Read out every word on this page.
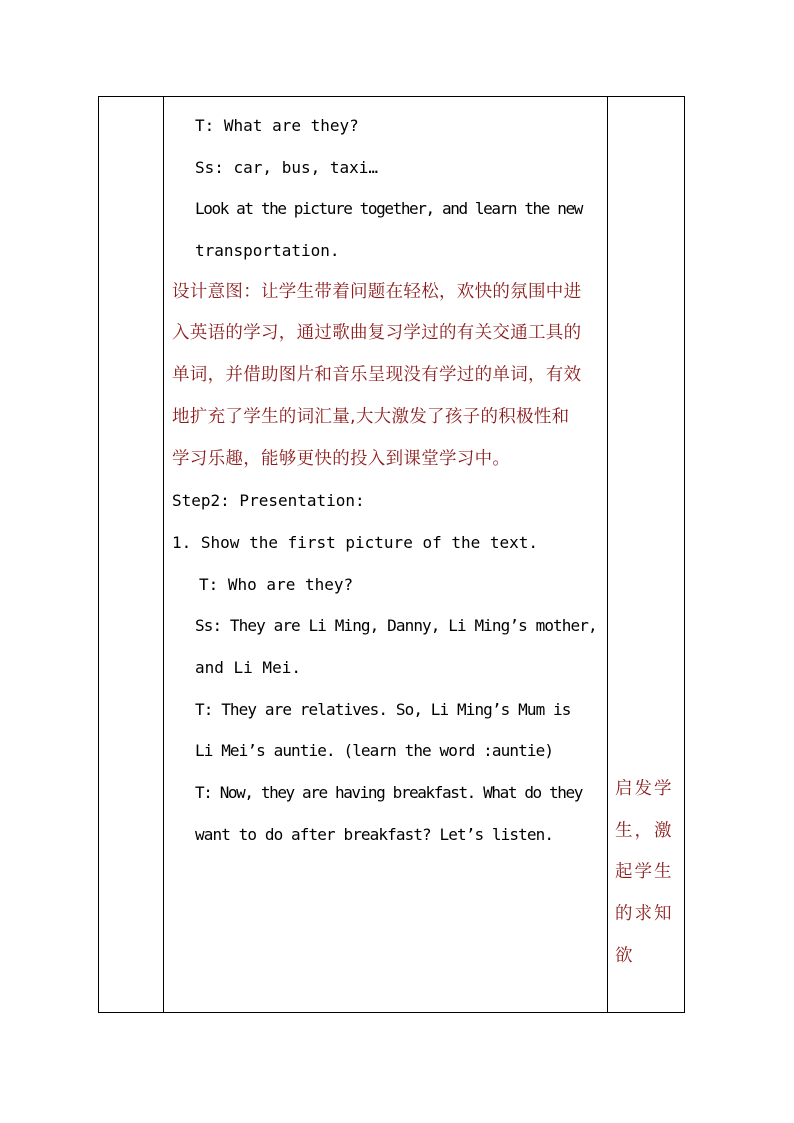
T: What are they?
Ss: car, bus, taxi…
Look at the picture together, and learn the new
transportation.
设计意图：让学生带着问题在轻松，欢快的氛围中进
入英语的学习，通过歌曲复习学过的有关交通工具的
单词，并借助图片和音乐呈现没有学过的单词，有效
地扩充了学生的词汇量,大大激发了孩子的积极性和
学习乐趣，能够更快的投入到课堂学习中。
Step2: Presentation:
1. Show the first picture of the text.
T: Who are they?
Ss: They are Li Ming, Danny, Li Ming’s mother,
and Li Mei.
T: They are relatives. So, Li Ming’s Mum is
Li Mei’s auntie. (learn the word :auntie)
T: Now, they are having breakfast. What do they
want to do after breakfast? Let’s listen.

启发学
生，激
起学生
的求知
欲
